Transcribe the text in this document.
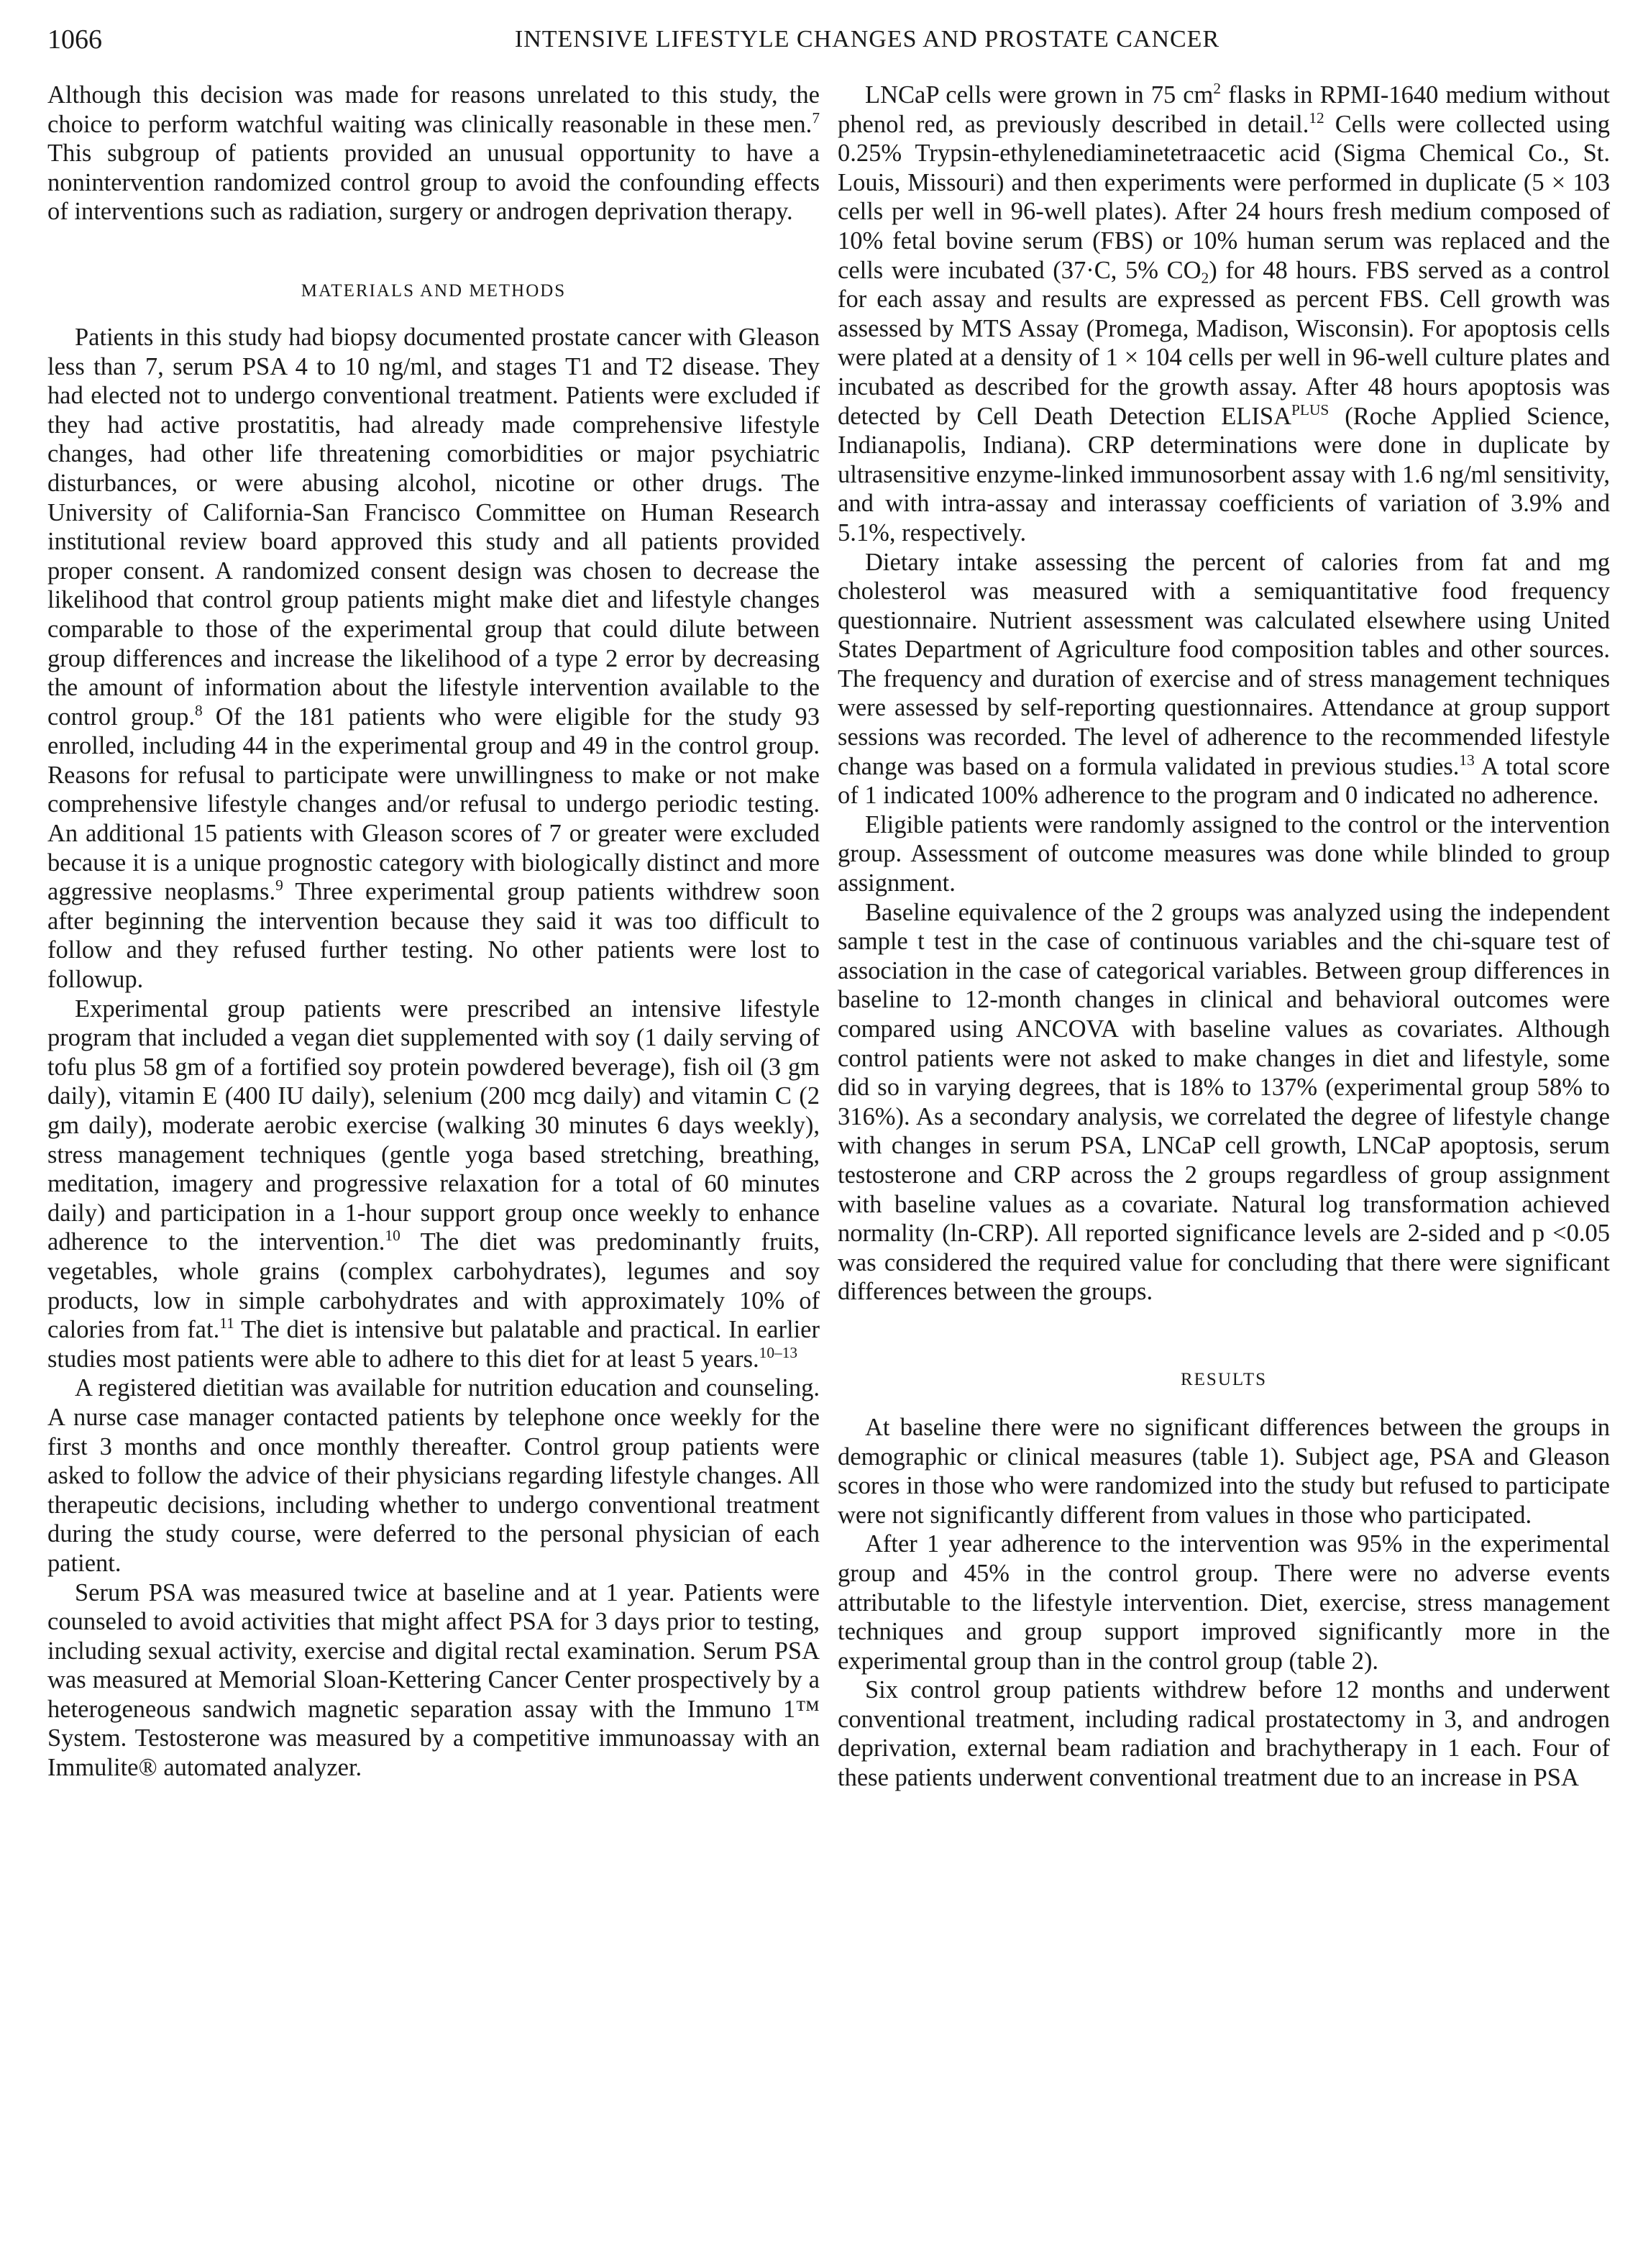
1066	INTENSIVE LIFESTYLE CHANGES AND PROSTATE CANCER

Although this decision was made for reasons unrelated to this study, the choice to perform watchful waiting was clinically reasonable in these men.$^7$ This subgroup of patients provided an unusual opportunity to have a nonintervention randomized control group to avoid the confounding effects of interventions such as radiation, surgery or androgen deprivation therapy.

MATERIALS AND METHODS

Patients in this study had biopsy documented prostate cancer with Gleason less than 7, serum PSA 4 to 10 ng/ml, and stages T1 and T2 disease. They had elected not to undergo conventional treatment. Patients were excluded if they had active prostatitis, had already made comprehensive lifestyle changes, had other life threatening comorbidities or major psychiatric disturbances, or were abusing alcohol, nicotine or other drugs. The University of California-San Francisco Committee on Human Research institutional review board approved this study and all patients provided proper consent. A randomized consent design was chosen to decrease the likelihood that control group patients might make diet and lifestyle changes comparable to those of the experimental group that could dilute between group differences and increase the likelihood of a type 2 error by decreasing the amount of information about the lifestyle intervention available to the control group.$^8$ Of the 181 patients who were eligible for the study 93 enrolled, including 44 in the experimental group and 49 in the control group. Reasons for refusal to participate were unwillingness to make or not make comprehensive lifestyle changes and/or refusal to undergo periodic testing. An additional 15 patients with Gleason scores of 7 or greater were excluded because it is a unique prognostic category with biologically distinct and more aggressive neoplasms.$^9$ Three experimental group patients withdrew soon after beginning the intervention because they said it was too difficult to follow and they refused further testing. No other patients were lost to followup.

Experimental group patients were prescribed an intensive lifestyle program that included a vegan diet supplemented with soy (1 daily serving of tofu plus 58 gm of a fortified soy protein powdered beverage), fish oil (3 gm daily), vitamin E (400 IU daily), selenium (200 mcg daily) and vitamin C (2 gm daily), moderate aerobic exercise (walking 30 minutes 6 days weekly), stress management techniques (gentle yoga based stretching, breathing, meditation, imagery and progressive relaxation for a total of 60 minutes daily) and participation in a 1-hour support group once weekly to enhance adherence to the intervention.$^{10}$ The diet was predominantly fruits, vegetables, whole grains (complex carbohydrates), legumes and soy products, low in simple carbohydrates and with approximately 10% of calories from fat.$^{11}$ The diet is intensive but palatable and practical. In earlier studies most patients were able to adhere to this diet for at least 5 years.$^{10-13}$

A registered dietitian was available for nutrition education and counseling. A nurse case manager contacted patients by telephone once weekly for the first 3 months and once monthly thereafter. Control group patients were asked to follow the advice of their physicians regarding lifestyle changes. All therapeutic decisions, including whether to undergo conventional treatment during the study course, were deferred to the personal physician of each patient.

Serum PSA was measured twice at baseline and at 1 year. Patients were counseled to avoid activities that might affect PSA for 3 days prior to testing, including sexual activity, exercise and digital rectal examination. Serum PSA was measured at Memorial Sloan-Kettering Cancer Center prospectively by a heterogeneous sandwich magnetic separation assay with the Immuno 1™ System. Testosterone was measured by a competitive immunoassay with an Immulite® automated analyzer.

LNCaP cells were grown in 75 $cm^2$ flasks in RPMI-1640 medium without phenol red, as previously described in detail.$^{12}$ Cells were collected using 0.25% Trypsin-ethylenediaminetetraacetic acid (Sigma Chemical Co., St. Louis, Missouri) and then experiments were performed in duplicate (5 × 103 cells per well in 96-well plates). After 24 hours fresh medium composed of 10% fetal bovine serum (FBS) or 10% human serum was replaced and the cells were incubated (37·C, 5% $CO_2$) for 48 hours. FBS served as a control for each assay and results are expressed as percent FBS. Cell growth was assessed by MTS Assay (Promega, Madison, Wisconsin). For apoptosis cells were plated at a density of 1 × 104 cells per well in 96-well culture plates and incubated as described for the growth assay. After 48 hours apoptosis was detected by Cell Death Detection $ELISA^{PLUS}$ (Roche Applied Science, Indianapolis, Indiana). CRP determinations were done in duplicate by ultrasensitive enzyme-linked immunosorbent assay with 1.6 ng/ml sensitivity, and with intra-assay and interassay coefficients of variation of 3.9% and 5.1%, respectively.

Dietary intake assessing the percent of calories from fat and mg cholesterol was measured with a semiquantitative food frequency questionnaire. Nutrient assessment was calculated elsewhere using United States Department of Agriculture food composition tables and other sources. The frequency and duration of exercise and of stress management techniques were assessed by self-reporting questionnaires. Attendance at group support sessions was recorded. The level of adherence to the recommended lifestyle change was based on a formula validated in previous studies.$^{13}$ A total score of 1 indicated 100% adherence to the program and 0 indicated no adherence.

Eligible patients were randomly assigned to the control or the intervention group. Assessment of outcome measures was done while blinded to group assignment.

Baseline equivalence of the 2 groups was analyzed using the independent sample t test in the case of continuous variables and the chi-square test of association in the case of categorical variables. Between group differences in baseline to 12-month changes in clinical and behavioral outcomes were compared using ANCOVA with baseline values as covariates. Although control patients were not asked to make changes in diet and lifestyle, some did so in varying degrees, that is 18% to 137% (experimental group 58% to 316%). As a secondary analysis, we correlated the degree of lifestyle change with changes in serum PSA, LNCaP cell growth, LNCaP apoptosis, serum testosterone and CRP across the 2 groups regardless of group assignment with baseline values as a covariate. Natural log transformation achieved normality (ln-CRP). All reported significance levels are 2-sided and p <0.05 was considered the required value for concluding that there were significant differences between the groups.

RESULTS

At baseline there were no significant differences between the groups in demographic or clinical measures (table 1). Subject age, PSA and Gleason scores in those who were randomized into the study but refused to participate were not significantly different from values in those who participated.

After 1 year adherence to the intervention was 95% in the experimental group and 45% in the control group. There were no adverse events attributable to the lifestyle intervention. Diet, exercise, stress management techniques and group support improved significantly more in the experimental group than in the control group (table 2).

Six control group patients withdrew before 12 months and underwent conventional treatment, including radical prostatectomy in 3, and androgen deprivation, external beam radiation and brachytherapy in 1 each. Four of these patients underwent conventional treatment due to an increase in PSA
